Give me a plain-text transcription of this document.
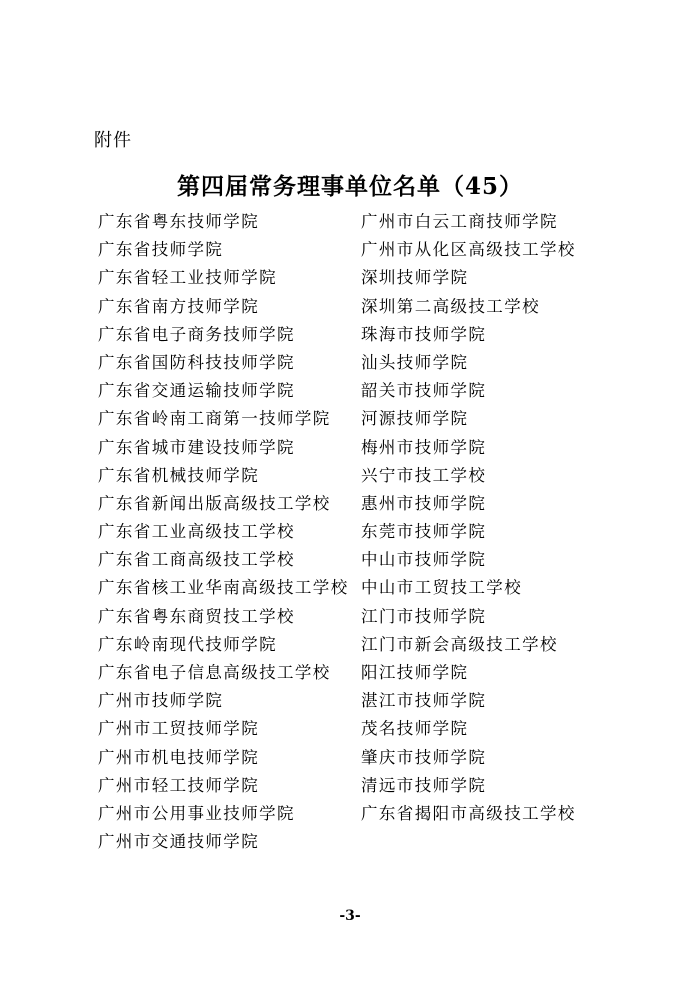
附件
第四届常务理事单位名单（45）
广东省粤东技师学院
广东省技师学院
广东省轻工业技师学院
广东省南方技师学院
广东省电子商务技师学院
广东省国防科技技师学院
广东省交通运输技师学院
广东省岭南工商第一技师学院
广东省城市建设技师学院
广东省机械技师学院
广东省新闻出版高级技工学校
广东省工业高级技工学校
广东省工商高级技工学校
广东省核工业华南高级技工学校
广东省粤东商贸技工学校
广东岭南现代技师学院
广东省电子信息高级技工学校
广州市技师学院
广州市工贸技师学院
广州市机电技师学院
广州市轻工技师学院
广州市公用事业技师学院
广州市交通技师学院
广州市白云工商技师学院
广州市从化区高级技工学校
深圳技师学院
深圳第二高级技工学校
珠海市技师学院
汕头技师学院
韶关市技师学院
河源技师学院
梅州市技师学院
兴宁市技工学校
惠州市技师学院
东莞市技师学院
中山市技师学院
中山市工贸技工学校
江门市技师学院
江门市新会高级技工学校
阳江技师学院
湛江市技师学院
茂名技师学院
肇庆市技师学院
清远市技师学院
广东省揭阳市高级技工学校
-3-
